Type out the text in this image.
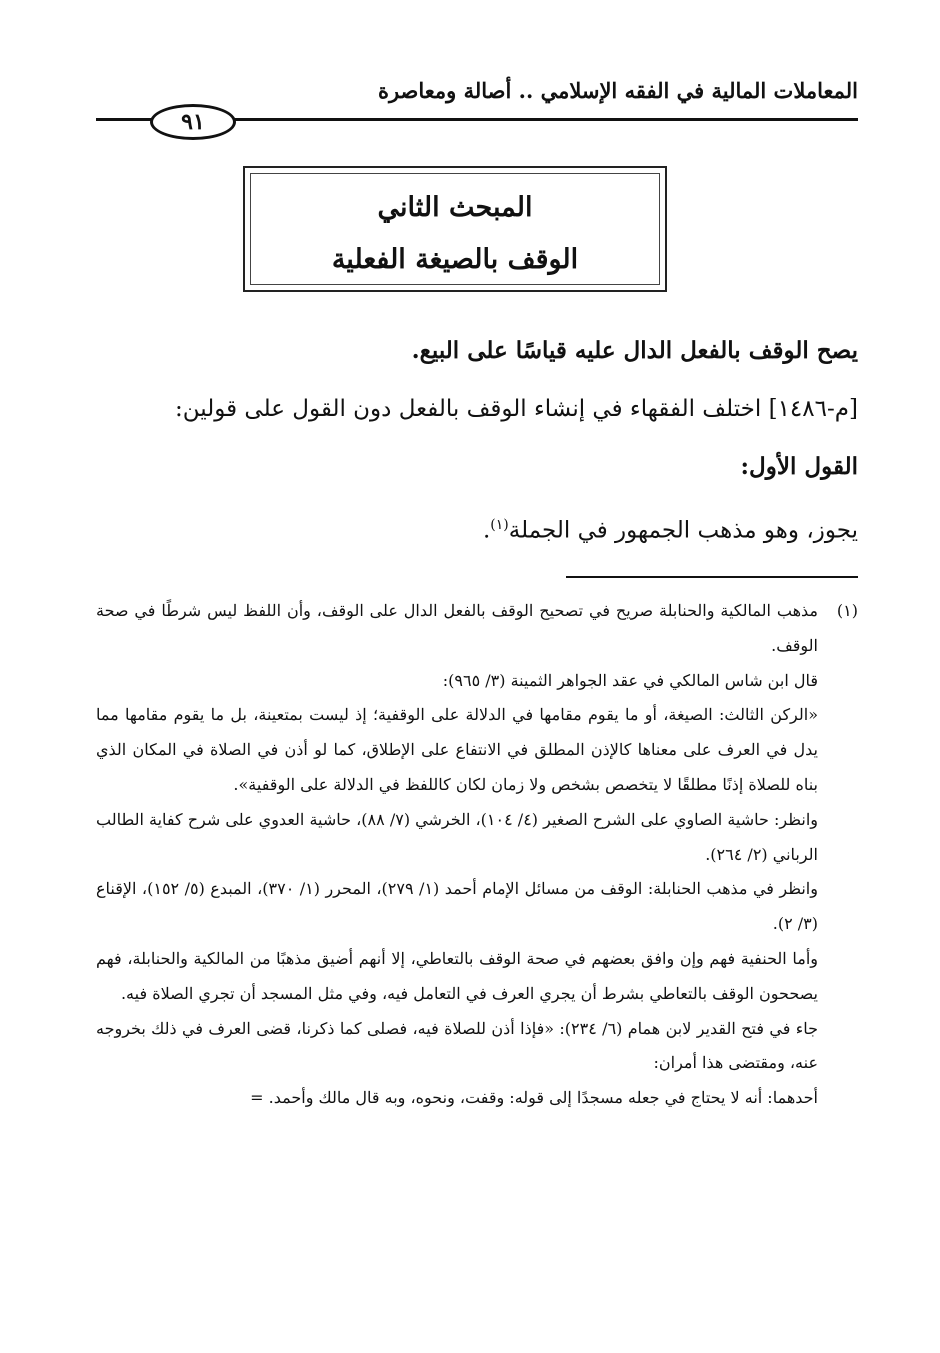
المعاملات المالية في الفقه الإسلامي .. أصالة ومعاصرة
٩١
المبحث الثاني
الوقف بالصيغة الفعلية

يصح الوقف بالفعل الدال عليه قياسًا على البيع.

[م-١٤٨٦] اختلف الفقهاء في إنشاء الوقف بالفعل دون القول على قولين:

القول الأول:

يجوز، وهو مذهب الجمهور في الجملة$^{(١)}$.

(١)

مذهب المالكية والحنابلة صريح في تصحيح الوقف بالفعل الدال على الوقف، وأن اللفظ ليس شرطًا في صحة الوقف.

قال ابن شاس المالكي في عقد الجواهر الثمينة (٣/ ٩٦٥):

«الركن الثالث: الصيغة، أو ما يقوم مقامها في الدلالة على الوقفية؛ إذ ليست بمتعينة، بل ما يقوم مقامها مما يدل في العرف على معناها كالإذن المطلق في الانتفاع على الإطلاق، كما لو أذن في الصلاة في المكان الذي بناه للصلاة إذنًا مطلقًا لا يتخصص بشخص ولا زمان لكان كاللفظ في الدلالة على الوقفية».

وانظر: حاشية الصاوي على الشرح الصغير (٤/ ١٠٤)، الخرشي (٧/ ٨٨)، حاشية العدوي على شرح كفاية الطالب الرباني (٢/ ٢٦٤).

وانظر في مذهب الحنابلة: الوقف من مسائل الإمام أحمد (١/ ٢٧٩)، المحرر (١/ ٣٧٠)، المبدع (٥/ ١٥٢)، الإقناع (٣/ ٢).

وأما الحنفية فهم وإن وافق بعضهم في صحة الوقف بالتعاطي، إلا أنهم أضيق مذهبًا من المالكية والحنابلة، فهم يصححون الوقف بالتعاطي بشرط أن يجري العرف في التعامل فيه، وفي مثل المسجد أن تجري الصلاة فيه.

جاء في فتح القدير لابن همام (٦/ ٢٣٤): «فإذا أذن للصلاة فيه، فصلى كما ذكرنا، قضى العرف في ذلك بخروجه عنه، ومقتضى هذا أمران:

أحدهما: أنه لا يحتاج في جعله مسجدًا إلى قوله: وقفت، ونحوه، وبه قال مالك وأحمد. =
